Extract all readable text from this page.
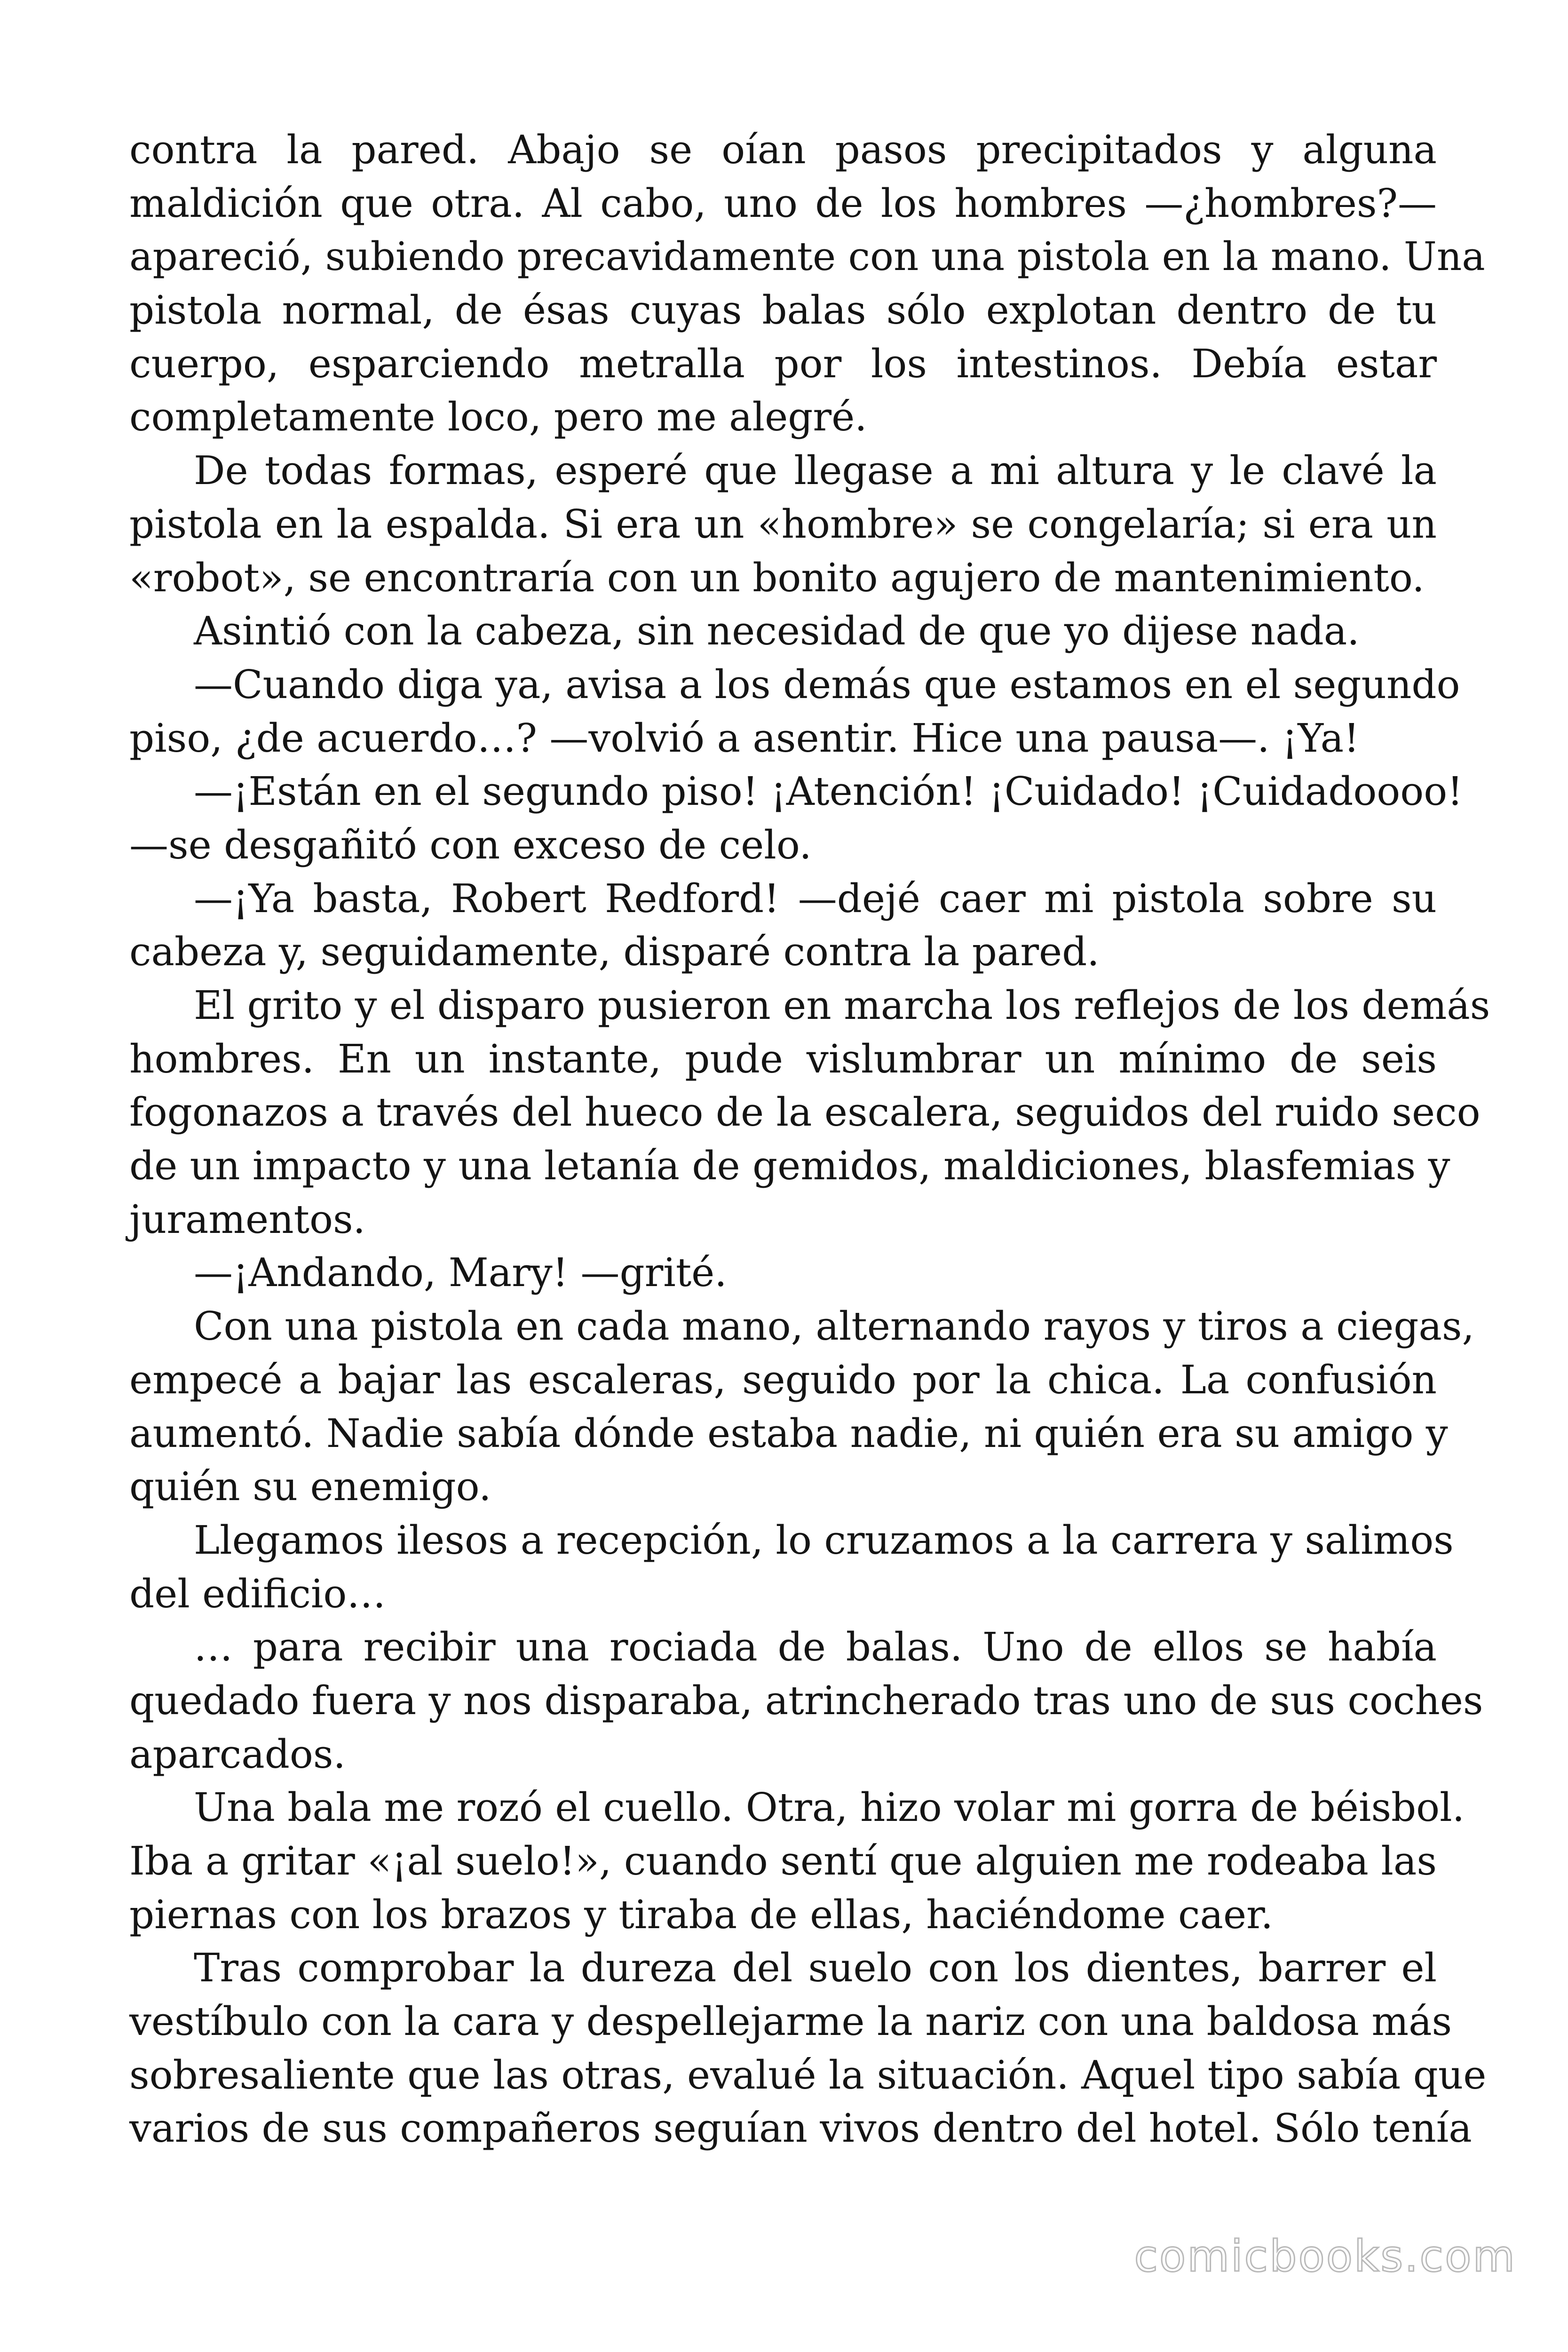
contra la pared. Abajo se oían pasos precipitados y alguna
maldición que otra. Al cabo, uno de los hombres —¿hombres?—
apareció, subiendo precavidamente con una pistola en la mano. Una
pistola normal, de ésas cuyas balas sólo explotan dentro de tu
cuerpo, esparciendo metralla por los intestinos. Debía estar
completamente loco, pero me alegré.

De todas formas, esperé que llegase a mi altura y le clavé la
pistola en la espalda. Si era un «hombre» se congelaría; si era un
«robot», se encontraría con un bonito agujero de mantenimiento.

Asintió con la cabeza, sin necesidad de que yo dijese nada.

—Cuando diga ya, avisa a los demás que estamos en el segundo
piso, ¿de acuerdo…? —volvió a asentir. Hice una pausa—. ¡Ya!

—¡Están en el segundo piso! ¡Atención! ¡Cuidado! ¡Cuidadoooo!
—se desgañitó con exceso de celo.

—¡Ya basta, Robert Redford! —dejé caer mi pistola sobre su
cabeza y, seguidamente, disparé contra la pared.

El grito y el disparo pusieron en marcha los reflejos de los demás
hombres. En un instante, pude vislumbrar un mínimo de seis
fogonazos a través del hueco de la escalera, seguidos del ruido seco
de un impacto y una letanía de gemidos, maldiciones, blasfemias y
juramentos.

—¡Andando, Mary! —grité.

Con una pistola en cada mano, alternando rayos y tiros a ciegas,
empecé a bajar las escaleras, seguido por la chica. La confusión
aumentó. Nadie sabía dónde estaba nadie, ni quién era su amigo y
quién su enemigo.

Llegamos ilesos a recepción, lo cruzamos a la carrera y salimos
del edificio…

… para recibir una rociada de balas. Uno de ellos se había
quedado fuera y nos disparaba, atrincherado tras uno de sus coches
aparcados.

Una bala me rozó el cuello. Otra, hizo volar mi gorra de béisbol.
Iba a gritar «¡al suelo!», cuando sentí que alguien me rodeaba las
piernas con los brazos y tiraba de ellas, haciéndome caer.

Tras comprobar la dureza del suelo con los dientes, barrer el
vestíbulo con la cara y despellejarme la nariz con una baldosa más
sobresaliente que las otras, evalué la situación. Aquel tipo sabía que
varios de sus compañeros seguían vivos dentro del hotel. Sólo tenía

comicbooks.com
